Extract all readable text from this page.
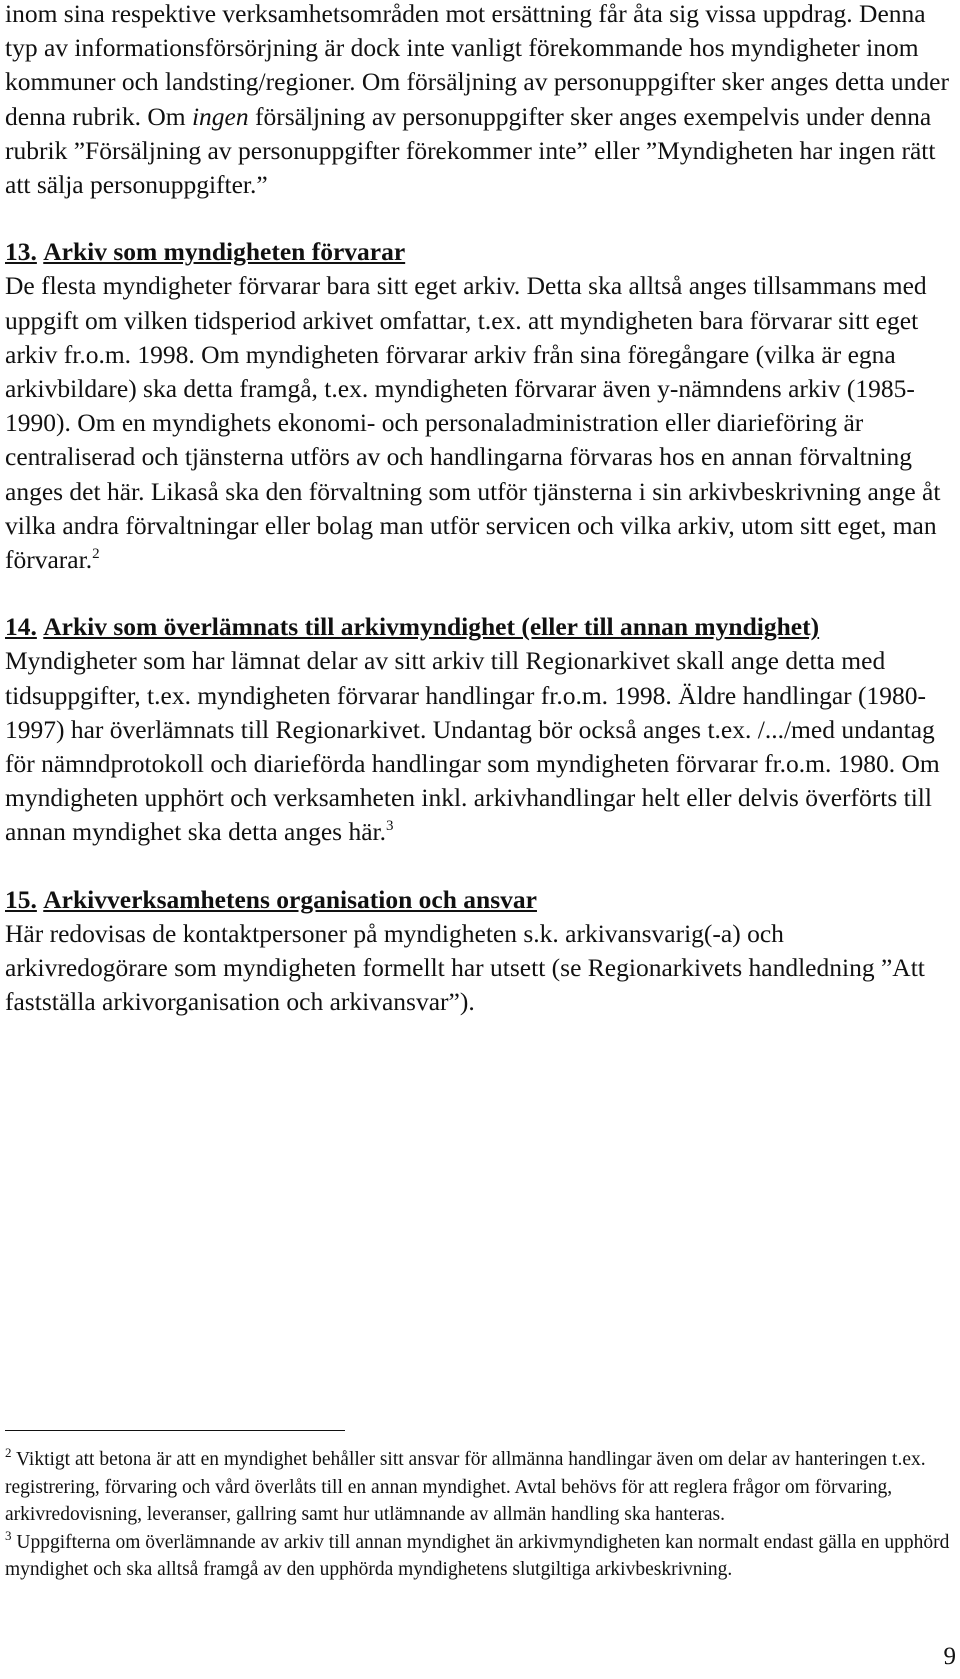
inom sina respektive verksamhetsområden mot ersättning får åta sig vissa uppdrag. Denna typ av informationsförsörjning är dock inte vanligt förekommande hos myndigheter inom kommuner och landsting/regioner. Om försäljning av personuppgifter sker anges detta under denna rubrik. Om ingen försäljning av personuppgifter sker anges exempelvis under denna rubrik ”Försäljning av personuppgifter förekommer inte” eller ”Myndigheten har ingen rätt att sälja personuppgifter.”

13. Arkiv som myndigheten förvarar

De flesta myndigheter förvarar bara sitt eget arkiv. Detta ska alltså anges tillsammans med uppgift om vilken tidsperiod arkivet omfattar, t.ex. att myndigheten bara förvarar sitt eget arkiv fr.o.m. 1998. Om myndigheten förvarar arkiv från sina föregångare (vilka är egna arkivbildare) ska detta framgå, t.ex. myndigheten förvarar även y-nämndens arkiv (1985-1990). Om en myndighets ekonomi- och personaladministration eller diarieföring är centraliserad och tjänsterna utförs av och handlingarna förvaras hos en annan förvaltning anges det här. Likaså ska den förvaltning som utför tjänsterna i sin arkivbeskrivning ange åt vilka andra förvaltningar eller bolag man utför servicen och vilka arkiv, utom sitt eget, man förvarar.$^2$

14. Arkiv som överlämnats till arkivmyndighet (eller till annan myndighet)

Myndigheter som har lämnat delar av sitt arkiv till Regionarkivet skall ange detta med tidsuppgifter, t.ex. myndigheten förvarar handlingar fr.o.m. 1998. Äldre handlingar (1980-1997) har överlämnats till Regionarkivet. Undantag bör också anges t.ex. /.../med undantag för nämndprotokoll och diarieförda handlingar som myndigheten förvarar fr.o.m. 1980. Om myndigheten upphört och verksamheten inkl. arkivhandlingar helt eller delvis överförts till annan myndighet ska detta anges här.$^3$

15. Arkivverksamhetens organisation och ansvar

Här redovisas de kontaktpersoner på myndigheten s.k. arkivansvarig(-a) och arkivredogörare som myndigheten formellt har utsett (se Regionarkivets handledning ”Att fastställa arkivorganisation och arkivansvar”).

$^2$ Viktigt att betona är att en myndighet behåller sitt ansvar för allmänna handlingar även om delar av hanteringen t.ex. registrering, förvaring och vård överlåts till en annan myndighet. Avtal behövs för att reglera frågor om förvaring, arkivredovisning, leveranser, gallring samt hur utlämnande av allmän handling ska hanteras.

$^3$ Uppgifterna om överlämnande av arkiv till annan myndighet än arkivmyndigheten kan normalt endast gälla en upphörd myndighet och ska alltså framgå av den upphörda myndighetens slutgiltiga arkivbeskrivning.

9
